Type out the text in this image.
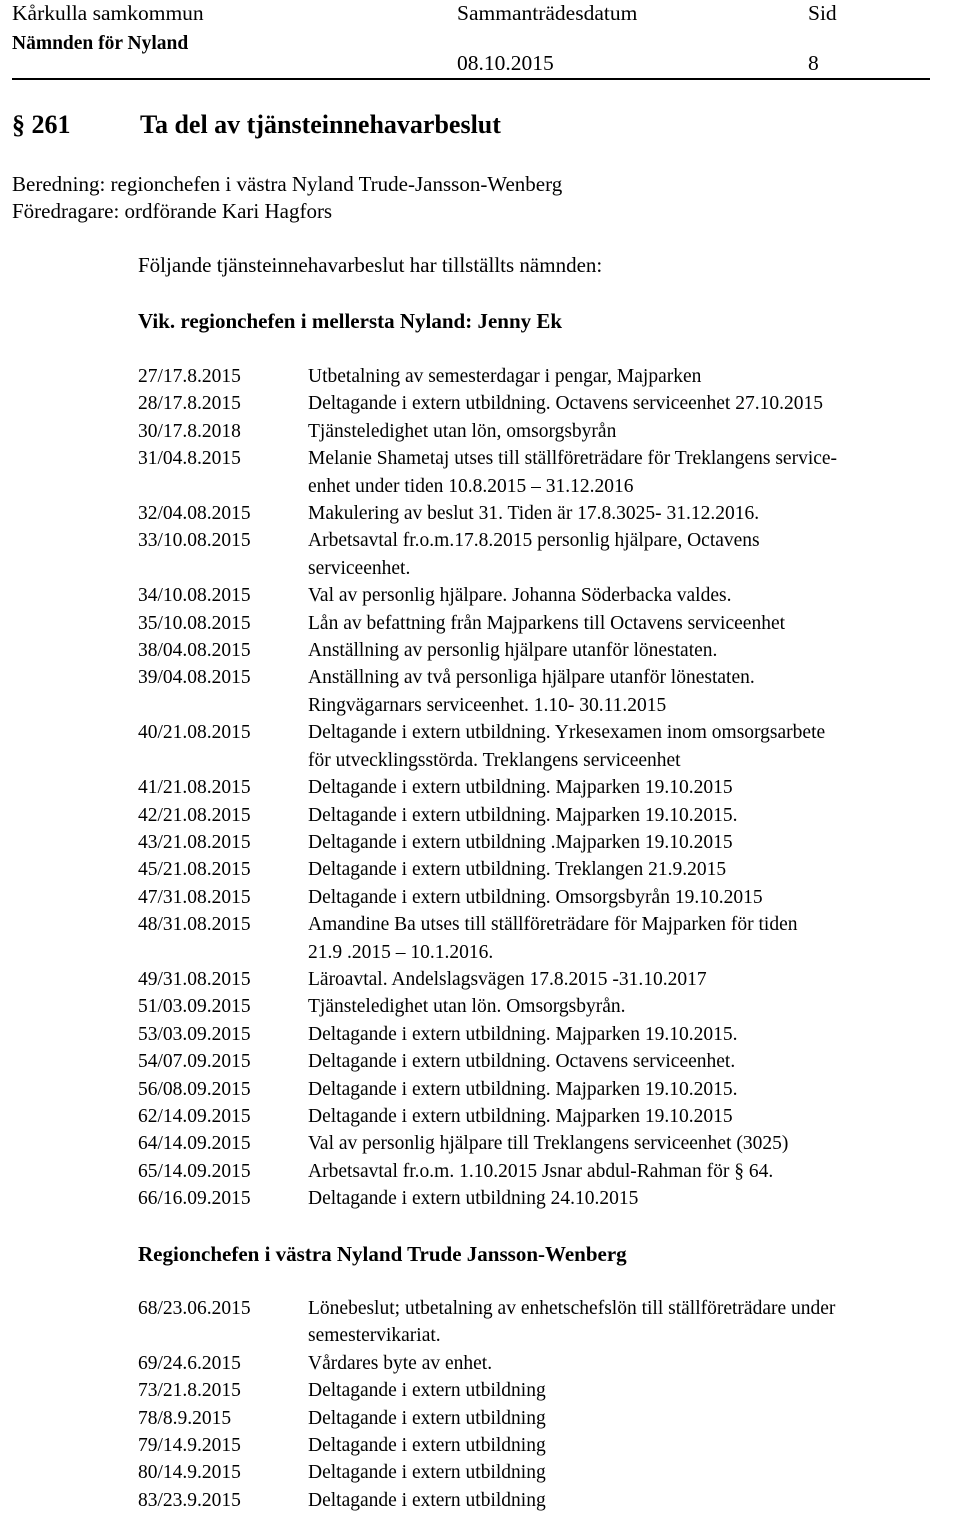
Kårkulla samkommun
Nämnden för Nyland
Sammanträdesdatum	Sid
08.10.2015	8
§ 261	Ta del av tjänsteinnehavarbeslut
Beredning: regionchefen i västra Nyland Trude-Jansson-Wenberg
Föredragare: ordförande Kari Hagfors
Följande tjänsteinnehavarbeslut har tillställts nämnden:
Vik. regionchefen i mellersta Nyland: Jenny Ek
27/17.8.2015	Utbetalning av semesterdagar i pengar, Majparken
28/17.8.2015	Deltagande i extern utbildning. Octavens serviceenhet 27.10.2015
30/17.8.2018	Tjänsteledighet utan lön, omsorgsbyrån
31/04.8.2015	Melanie Shametaj utses till ställföreträdare för Treklangens service-
enhet under tiden 10.8.2015 – 31.12.2016
32/04.08.2015	Makulering av beslut 31. Tiden är 17.8.3025- 31.12.2016.
33/10.08.2015	Arbetsavtal fr.o.m.17.8.2015 personlig hjälpare, Octavens
serviceenhet.
34/10.08.2015	Val av personlig hjälpare. Johanna Söderbacka valdes.
35/10.08.2015	Lån av befattning från Majparkens till Octavens serviceenhet
38/04.08.2015	Anställning av personlig hjälpare utanför lönestaten.
39/04.08.2015	Anställning av två personliga hjälpare utanför lönestaten.
Ringvägarnars serviceenhet. 1.10- 30.11.2015
40/21.08.2015	Deltagande i extern utbildning. Yrkesexamen inom omsorgsarbete
för utvecklingsstörda. Treklangens serviceenhet
41/21.08.2015	Deltagande i extern utbildning. Majparken 19.10.2015
42/21.08.2015	Deltagande i extern utbildning. Majparken 19.10.2015.
43/21.08.2015	Deltagande i extern utbildning .Majparken 19.10.2015
45/21.08.2015	Deltagande i extern utbildning. Treklangen 21.9.2015
47/31.08.2015	Deltagande i extern utbildning. Omsorgsbyrån 19.10.2015
48/31.08.2015	Amandine Ba utses till ställföreträdare för Majparken för tiden
21.9 .2015 – 10.1.2016.
49/31.08.2015	Läroavtal. Andelslagsvägen 17.8.2015 -31.10.2017
51/03.09.2015	Tjänsteledighet utan lön. Omsorgsbyrån.
53/03.09.2015	Deltagande i extern utbildning. Majparken 19.10.2015.
54/07.09.2015	Deltagande i extern utbildning. Octavens serviceenhet.
56/08.09.2015	Deltagande i extern utbildning. Majparken 19.10.2015.
62/14.09.2015	Deltagande i extern utbildning. Majparken 19.10.2015
64/14.09.2015	Val av personlig hjälpare till Treklangens serviceenhet (3025)
65/14.09.2015	Arbetsavtal fr.o.m. 1.10.2015 Jsnar abdul-Rahman för § 64.
66/16.09.2015	Deltagande i extern utbildning 24.10.2015
Regionchefen i västra Nyland Trude Jansson-Wenberg
68/23.06.2015	Lönebeslut; utbetalning av enhetschefslön till ställföreträdare under
semestervikariat.
69/24.6.2015	Vårdares byte av enhet.
73/21.8.2015	Deltagande i extern utbildning
78/8.9.2015	Deltagande i extern utbildning
79/14.9.2015	Deltagande i extern utbildning
80/14.9.2015	Deltagande i extern utbildning
83/23.9.2015	Deltagande i extern utbildning
